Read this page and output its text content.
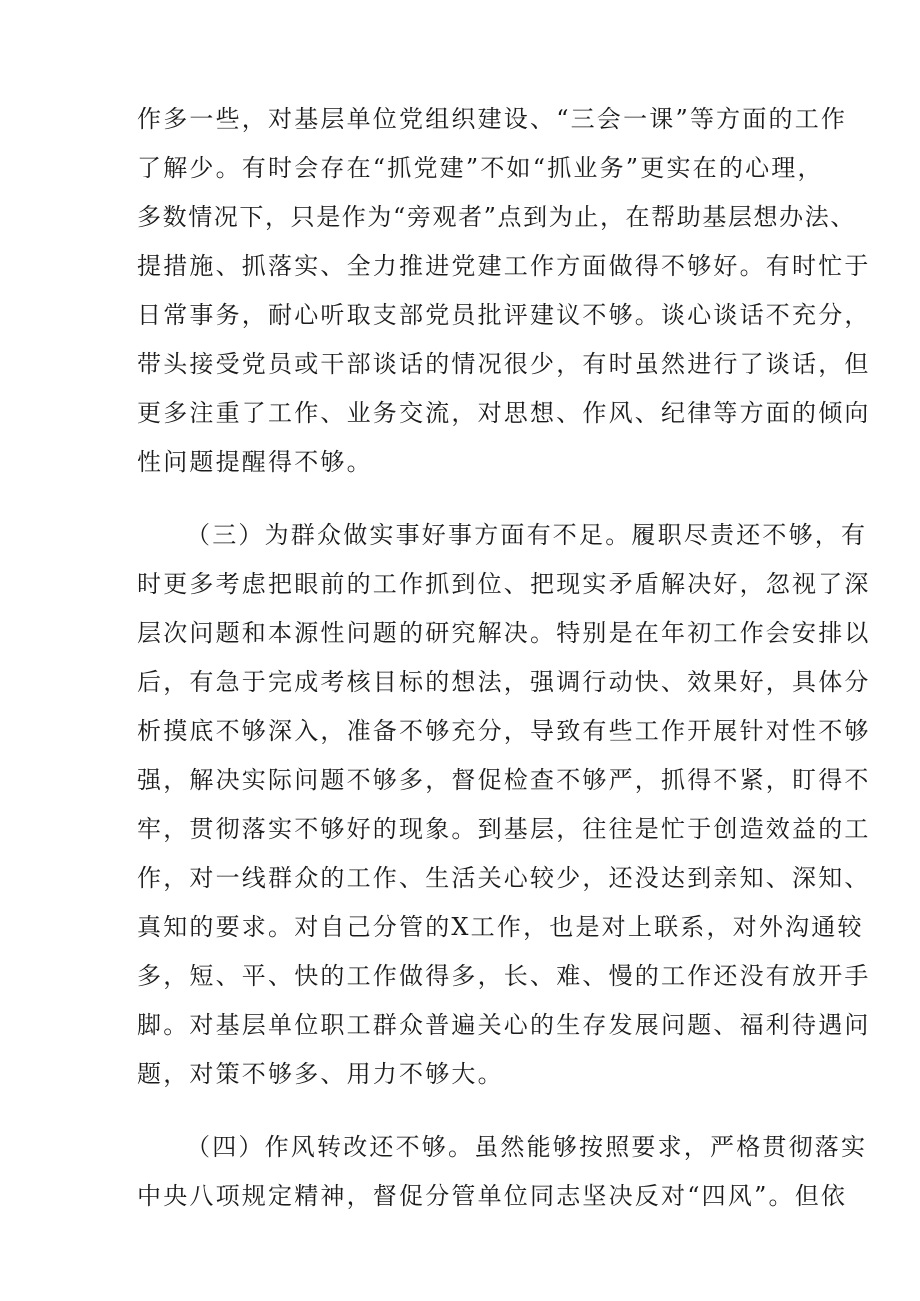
作多一些，对基层单位党组织建设、“三会一课”等方面的工作

了解少。有时会存在“抓党建”不如“抓业务”更实在的心理，

多数情况下，只是作为“旁观者”点到为止，在帮助基层想办法、

提措施、抓落实、全力推进党建工作方面做得不够好。有时忙于

日常事务，耐心听取支部党员批评建议不够。谈心谈话不充分，

带头接受党员或干部谈话的情况很少，有时虽然进行了谈话，但

更多注重了工作、业务交流，对思想、作风、纪律等方面的倾向

性问题提醒得不够。

（三）为群众做实事好事方面有不足。履职尽责还不够，有

时更多考虑把眼前的工作抓到位、把现实矛盾解决好，忽视了深

层次问题和本源性问题的研究解决。特别是在年初工作会安排以

后，有急于完成考核目标的想法，强调行动快、效果好，具体分

析摸底不够深入，准备不够充分，导致有些工作开展针对性不够

强，解决实际问题不够多，督促检查不够严，抓得不紧，盯得不

牢，贯彻落实不够好的现象。到基层，往往是忙于创造效益的工

作，对一线群众的工作、生活关心较少，还没达到亲知、深知、

真知的要求。对自己分管的X工作，也是对上联系，对外沟通较

多，短、平、快的工作做得多，长、难、慢的工作还没有放开手

脚。对基层单位职工群众普遍关心的生存发展问题、福利待遇问

题，对策不够多、用力不够大。

（四）作风转改还不够。虽然能够按照要求，严格贯彻落实

中央八项规定精神，督促分管单位同志坚决反对“四风”。但依
